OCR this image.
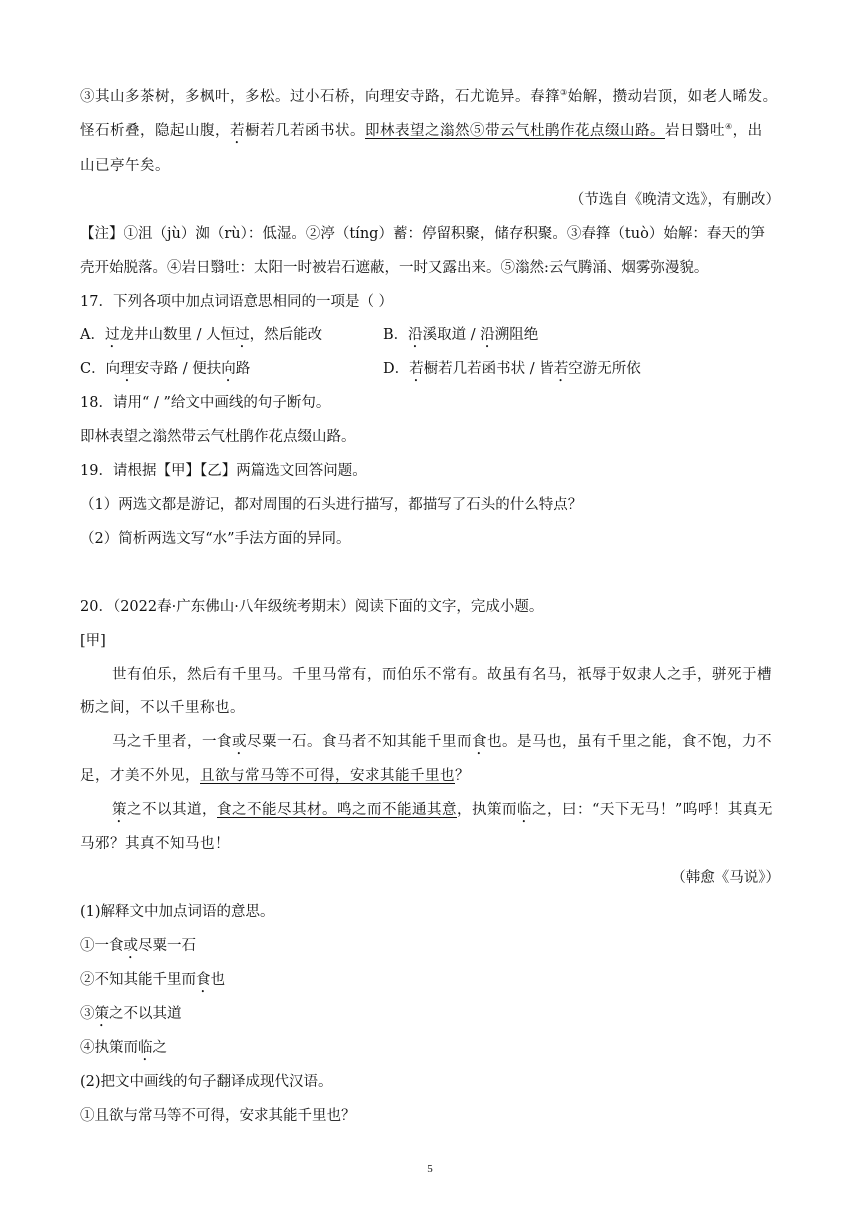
③其山多茶树，多枫叶，多松。过小石桥，向理安寺路，石尤诡异。春箨③始解，攒动岩顶，如老人晞发。
怪石析叠，隐起山腹，若橱若几若函书状。即林表望之滃然⑤带云气杜鹃作花点缀山路。岩日翳吐④，出
山已亭午矣。
（节选自《晚清文选》，有删改）
【注】①沮（jù）洳（rù）：低湿。②渟（tíng）蓄：停留积聚，储存积聚。③春箨（tuò）始解：春天的笋
壳开始脱落。④岩日翳吐：太阳一时被岩石遮蔽，一时又露出来。⑤滃然:云气腾涌、烟雾弥漫貌。
17．下列各项中加点词语意思相同的一项是（ ）
A．过龙井山数里 / 人恒过，然后能改	B．沿溪取道 / 沿溯阻绝
C．向理安寺路 / 便扶向路	D．若橱若几若函书状 / 皆若空游无所依
18．请用“ / ”给文中画线的句子断句。
即林表望之滃然带云气杜鹃作花点缀山路。
19．请根据【甲】【乙】两篇选文回答问题。
（1）两选文都是游记，都对周围的石头进行描写，都描写了石头的什么特点？
（2）简析两选文写“水”手法方面的异同。
20．（2022春·广东佛山·八年级统考期末）阅读下面的文字，完成小题。
[甲]
世有伯乐，然后有千里马。千里马常有，而伯乐不常有。故虽有名马，祇辱于奴隶人之手，骈死于槽
枥之间，不以千里称也。
马之千里者，一食或尽粟一石。食马者不知其能千里而食也。是马也，虽有千里之能，食不饱，力不
足，才美不外见，且欲与常马等不可得，安求其能千里也？
策之不以其道，食之不能尽其材。鸣之而不能通其意，执策而临之，曰：“天下无马！”呜呼！其真无
马邪？其真不知马也！
（韩愈《马说》）
(1)解释文中加点词语的意思。
①一食或尽粟一石
②不知其能千里而食也
③策之不以其道
④执策而临之
(2)把文中画线的句子翻译成现代汉语。
①且欲与常马等不可得，安求其能千里也？
5
